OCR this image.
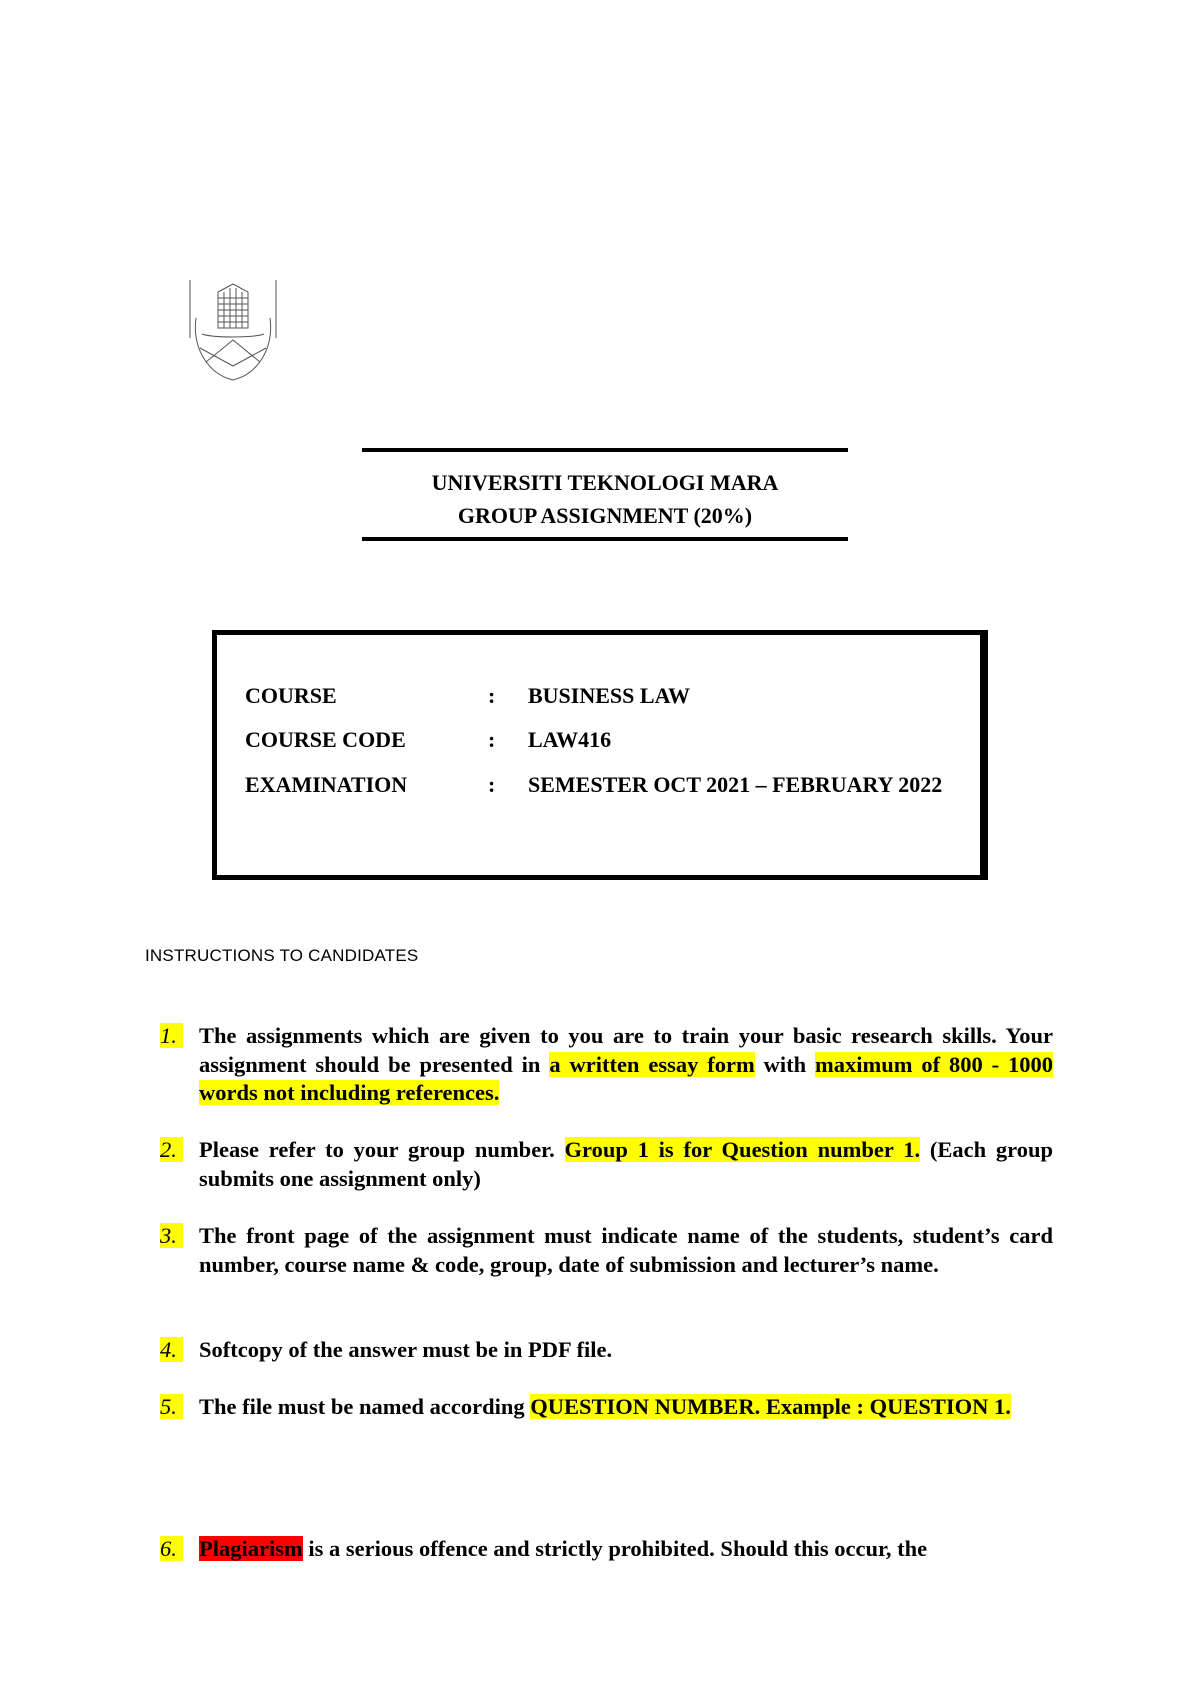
UNIVERSITI TEKNOLOGI MARA
GROUP ASSIGNMENT (20%)
COURSE	: BUSINESS LAW
COURSE CODE	: LAW416
EXAMINATION	: SEMESTER OCT 2021 – FEBRUARY 2022
INSTRUCTIONS TO CANDIDATES
1. The assignments which are given to you are to train your basic research skills. Your assignment should be presented in a written essay form with maximum of 800 - 1000 words not including references.
2. Please refer to your group number. Group 1 is for Question number 1. (Each group submits one assignment only)
3. The front page of the assignment must indicate name of the students, student’s card number, course name & code, group, date of submission and lecturer’s name.
4. Softcopy of the answer must be in PDF file.
5. The file must be named according QUESTION NUMBER. Example : QUESTION 1.
6. Plagiarism is a serious offence and strictly prohibited. Should this occur, the
